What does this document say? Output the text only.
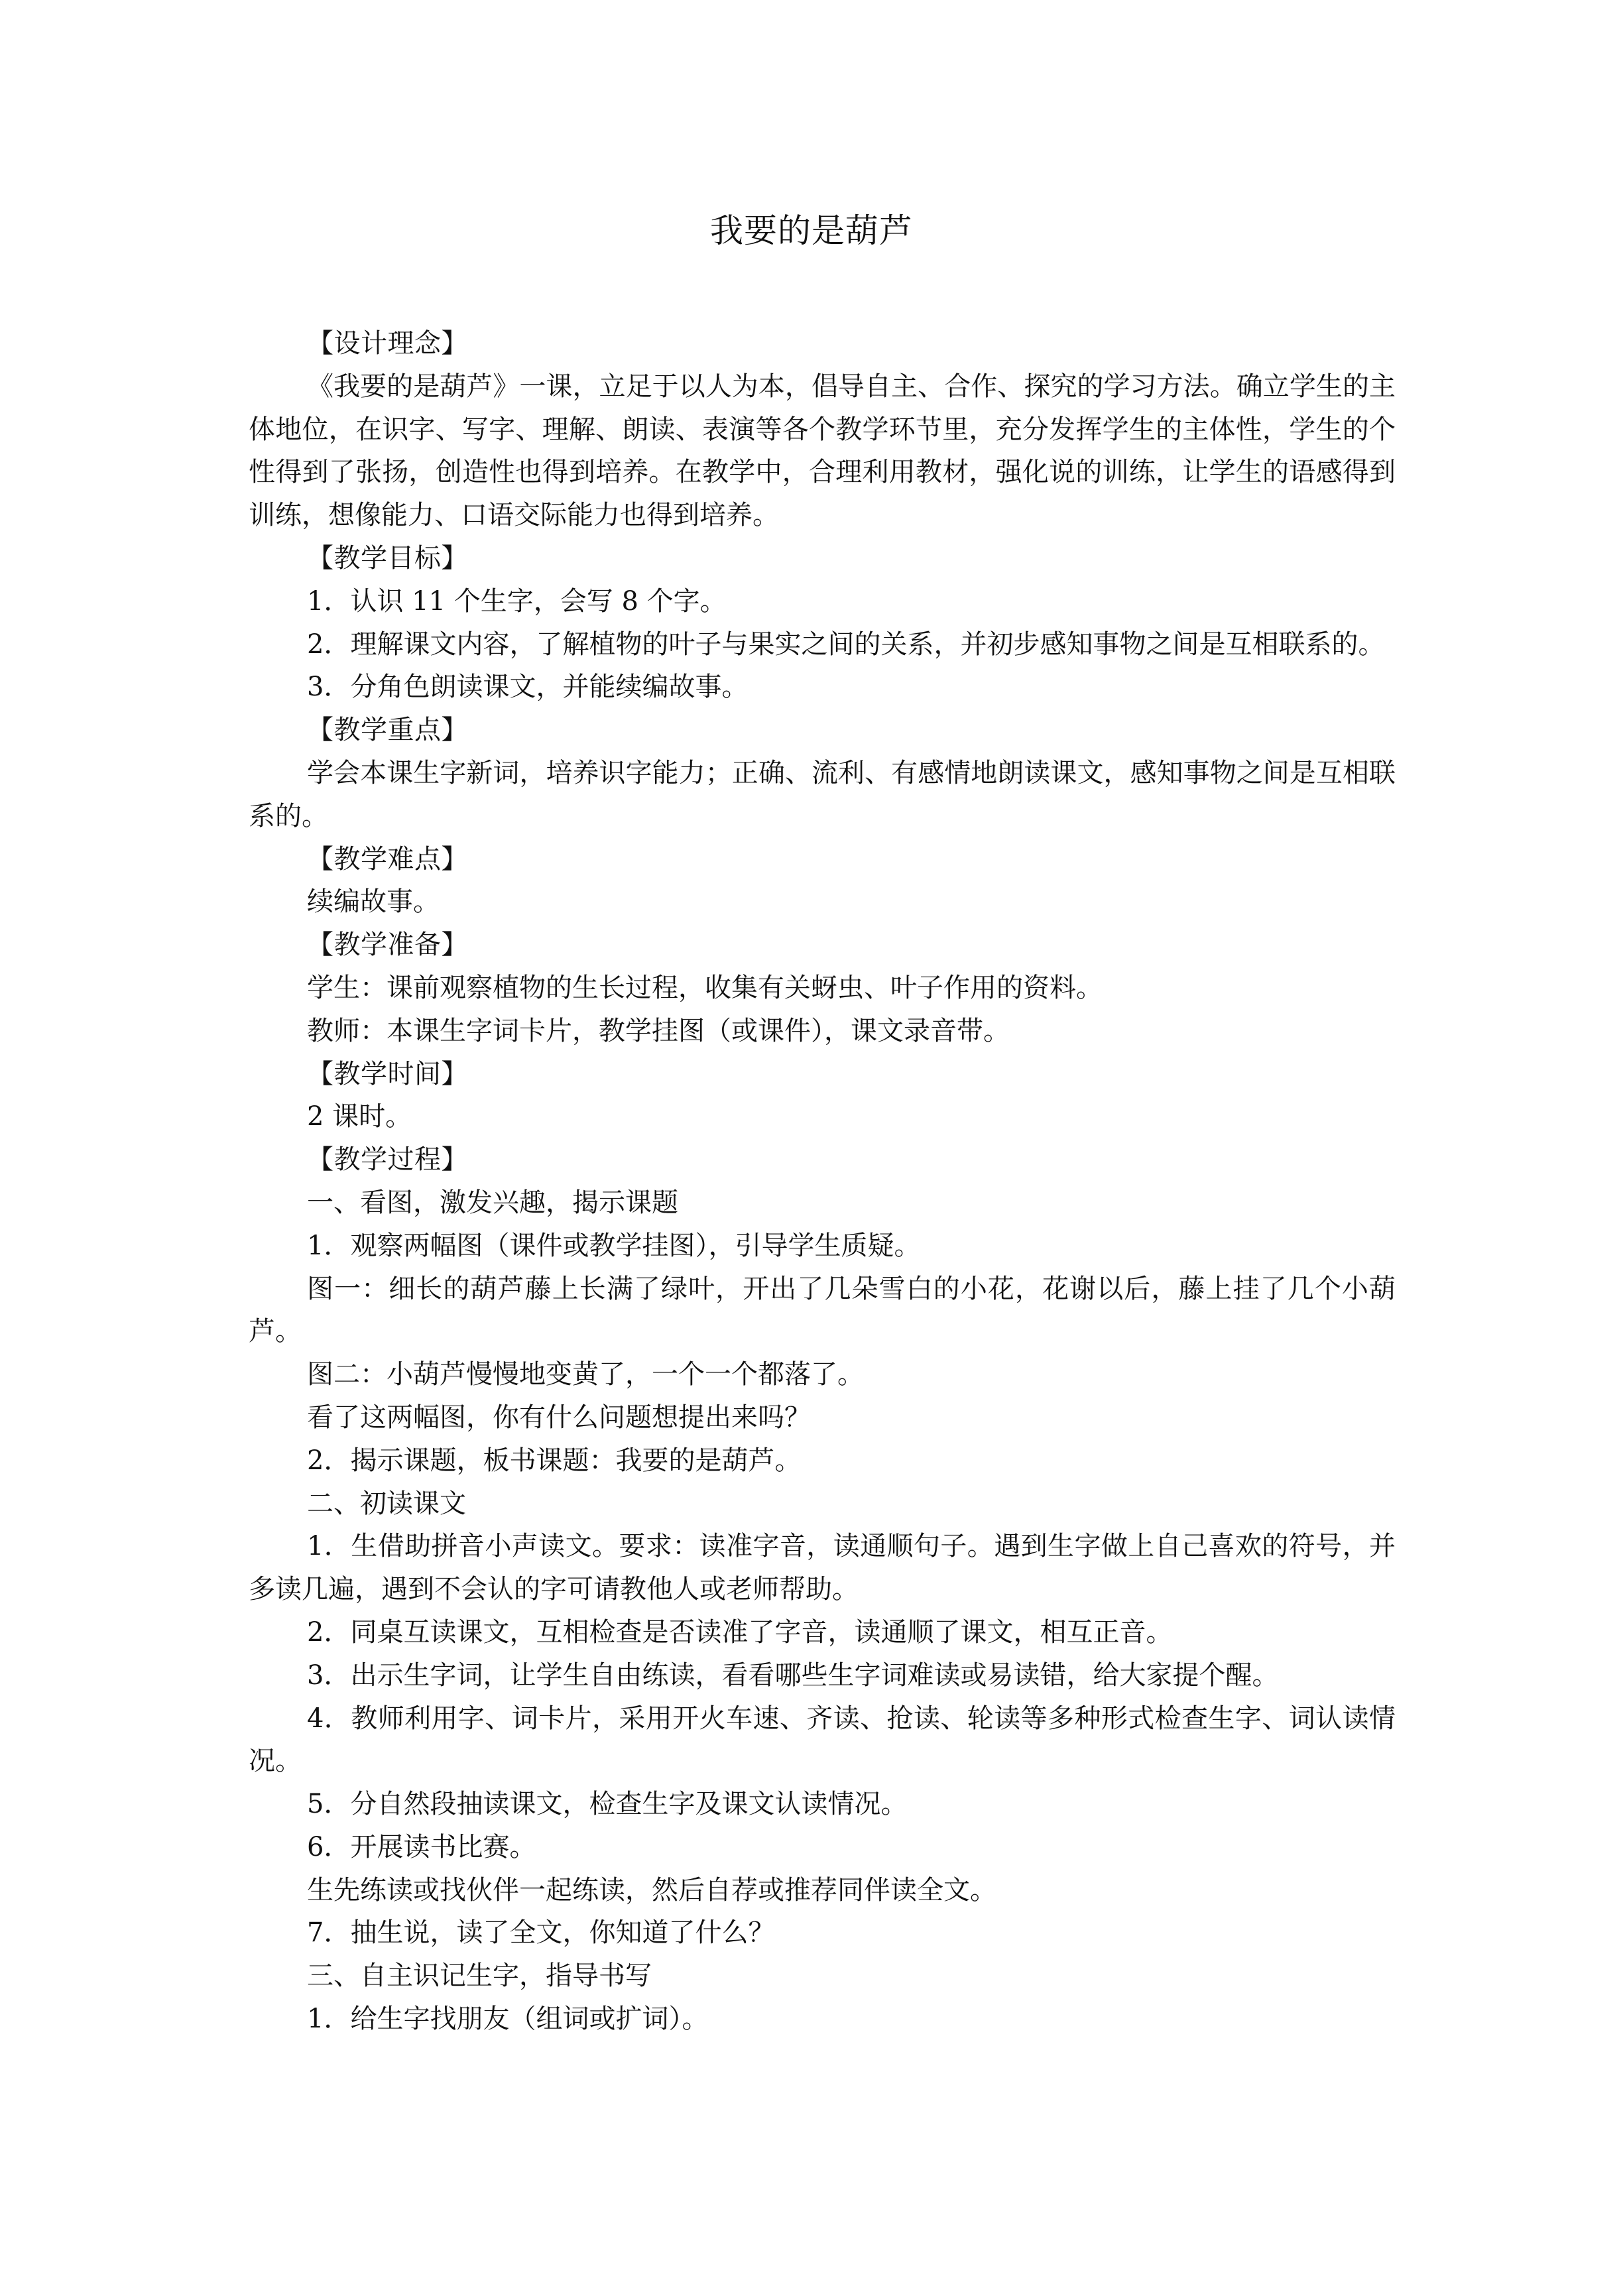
我要的是葫芦

【设计理念】

《我要的是葫芦》一课，立足于以人为本，倡导自主、合作、探究的学习方法。确立学生的主体地位，在识字、写字、理解、朗读、表演等各个教学环节里，充分发挥学生的主体性，学生的个性得到了张扬，创造性也得到培养。在教学中，合理利用教材，强化说的训练，让学生的语感得到训练，想像能力、口语交际能力也得到培养。

【教学目标】

1．认识 11 个生字，会写 8 个字。

2．理解课文内容，了解植物的叶子与果实之间的关系，并初步感知事物之间是互相联系的。

3．分角色朗读课文，并能续编故事。

【教学重点】

学会本课生字新词，培养识字能力；正确、流利、有感情地朗读课文，感知事物之间是互相联系的。

【教学难点】

续编故事。

【教学准备】

学生：课前观察植物的生长过程，收集有关蚜虫、叶子作用的资料。

教师：本课生字词卡片，教学挂图（或课件），课文录音带。

【教学时间】

2 课时。

【教学过程】

一、看图，激发兴趣，揭示课题

1．观察两幅图（课件或教学挂图），引导学生质疑。

图一：细长的葫芦藤上长满了绿叶，开出了几朵雪白的小花，花谢以后，藤上挂了几个小葫芦。

图二：小葫芦慢慢地变黄了，一个一个都落了。

看了这两幅图，你有什么问题想提出来吗？

2．揭示课题，板书课题：我要的是葫芦。

二、初读课文

1．生借助拼音小声读文。要求：读准字音，读通顺句子。遇到生字做上自己喜欢的符号，并多读几遍，遇到不会认的字可请教他人或老师帮助。

2．同桌互读课文，互相检查是否读准了字音，读通顺了课文，相互正音。

3．出示生字词，让学生自由练读，看看哪些生字词难读或易读错，给大家提个醒。

4．教师利用字、词卡片，采用开火车速、齐读、抢读、轮读等多种形式检查生字、词认读情况。

5．分自然段抽读课文，检查生字及课文认读情况。

6．开展读书比赛。

生先练读或找伙伴一起练读，然后自荐或推荐同伴读全文。

7．抽生说，读了全文，你知道了什么？

三、自主识记生字，指导书写

1．给生字找朋友（组词或扩词）。
